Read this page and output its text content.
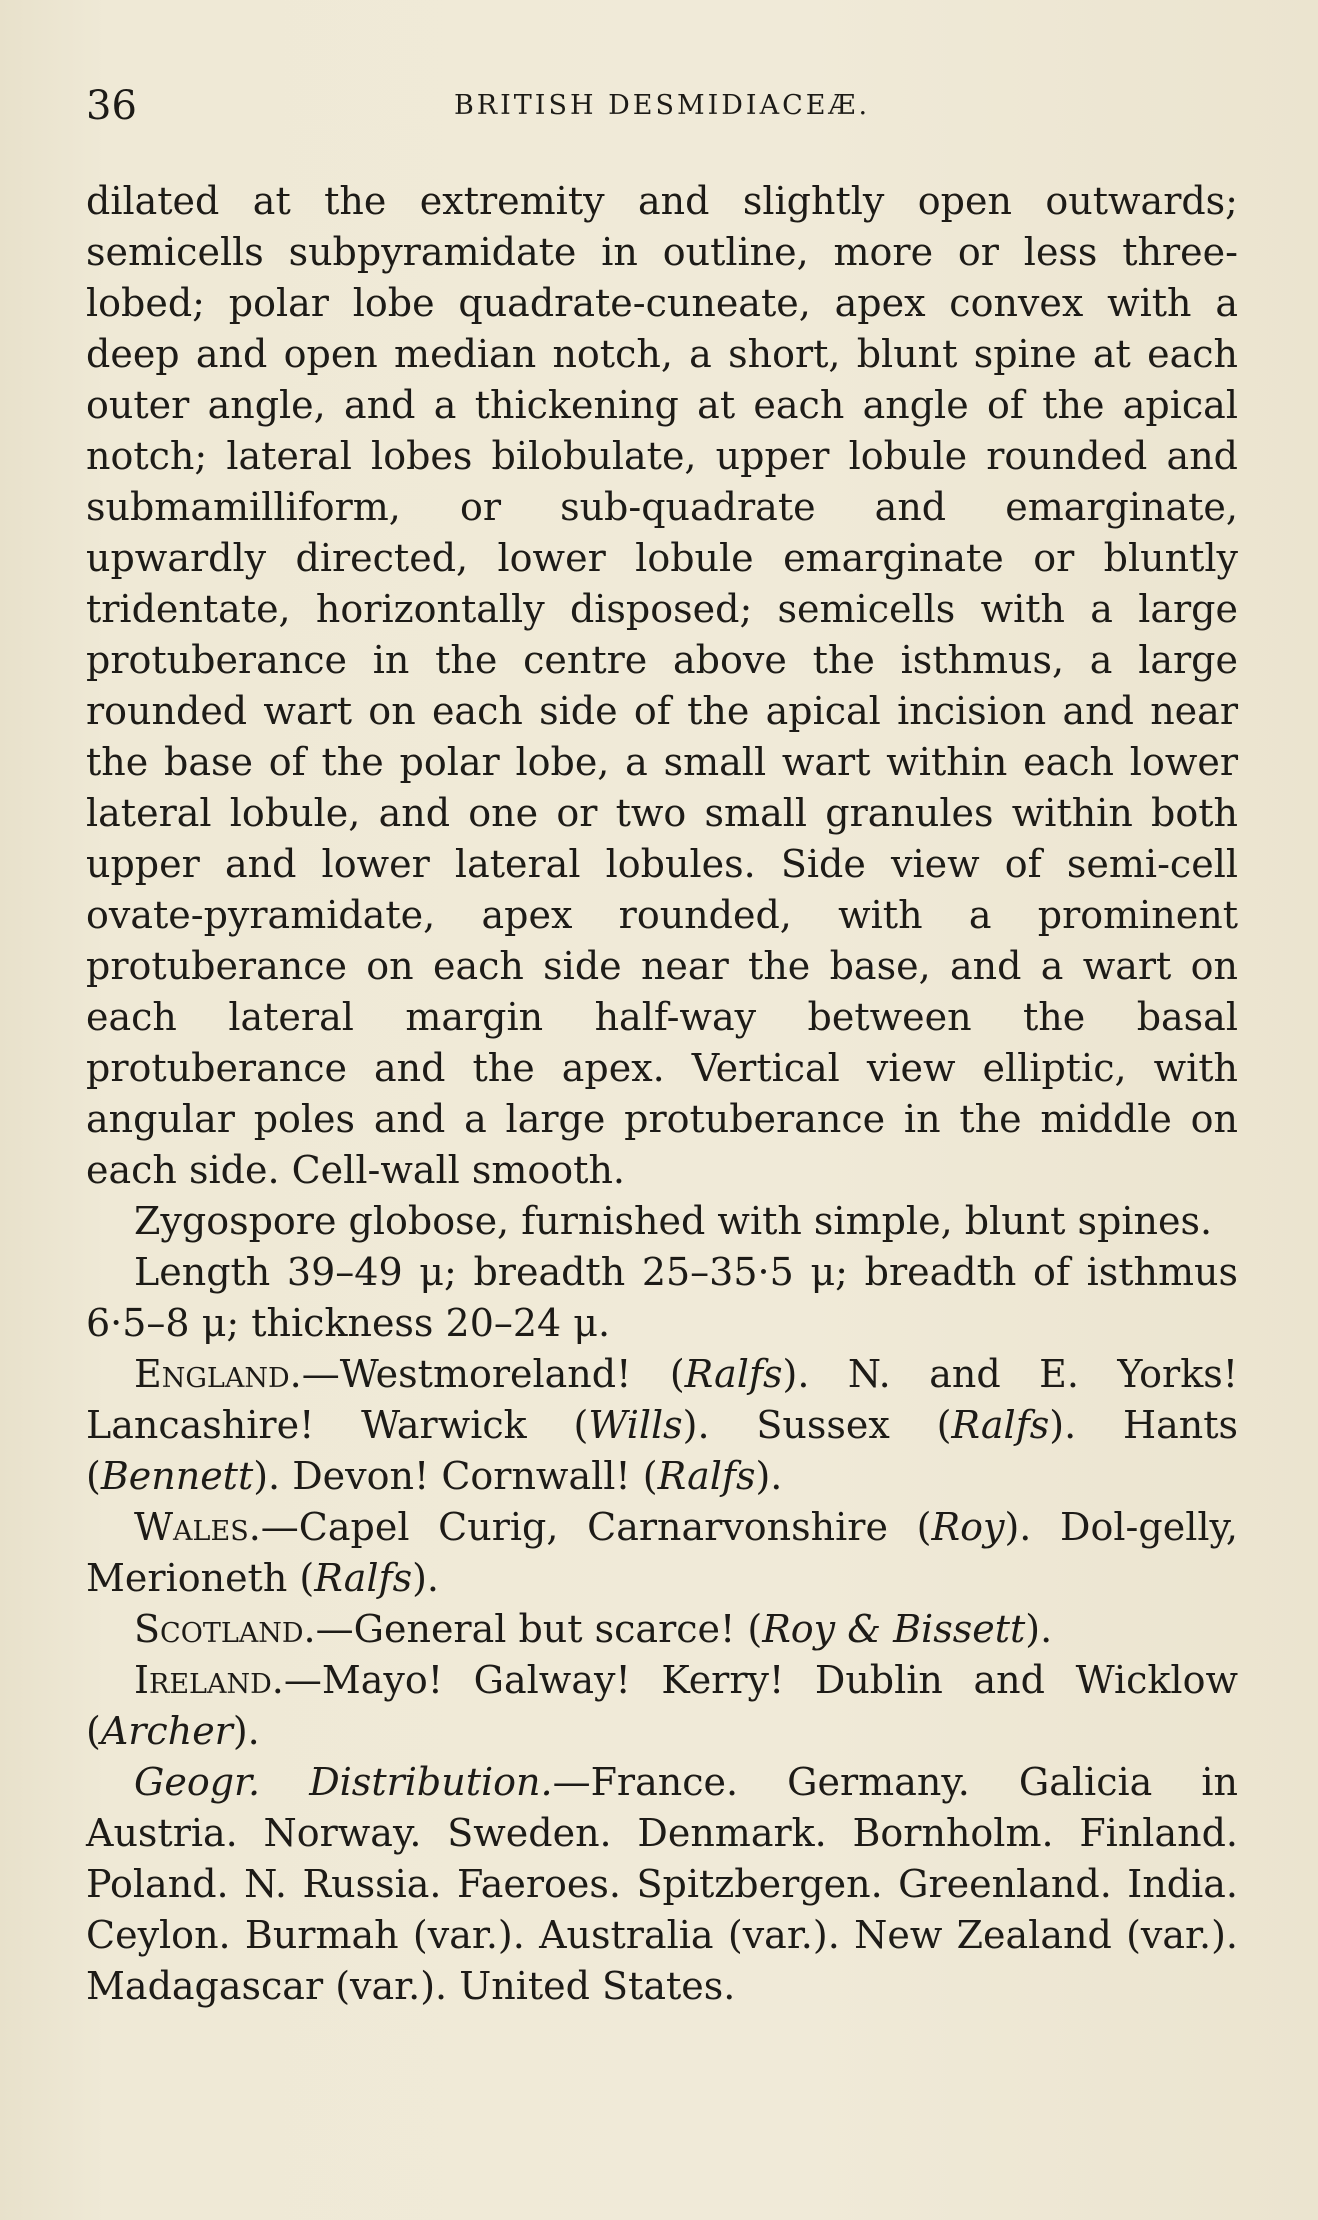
36	BRITISH DESMIDIACEÆ.

dilated at the extremity and slightly open outwards; semicells subpyramidate in outline, more or less three-lobed; polar lobe quadrate-cuneate, apex convex with a deep and open median notch, a short, blunt spine at each outer angle, and a thickening at each angle of the apical notch; lateral lobes bilobulate, upper lobule rounded and submamilliform, or sub-quadrate and emarginate, upwardly directed, lower lobule emarginate or bluntly tridentate, horizontally disposed; semicells with a large protuberance in the centre above the isthmus, a large rounded wart on each side of the apical incision and near the base of the polar lobe, a small wart within each lower lateral lobule, and one or two small granules within both upper and lower lateral lobules. Side view of semi-cell ovate-pyramidate, apex rounded, with a prominent protuberance on each side near the base, and a wart on each lateral margin half-way between the basal protuberance and the apex. Vertical view elliptic, with angular poles and a large protuberance in the middle on each side. Cell-wall smooth.

Zygospore globose, furnished with simple, blunt spines.

Length 39–49 μ; breadth 25–35·5 μ; breadth of isthmus 6·5–8 μ; thickness 20–24 μ.

England.—Westmoreland! (Ralfs). N. and E. Yorks! Lancashire! Warwick (Wills). Sussex (Ralfs). Hants (Bennett). Devon! Cornwall! (Ralfs).

Wales.—Capel Curig, Carnarvonshire (Roy). Dol-gelly, Merioneth (Ralfs).

Scotland.—General but scarce! (Roy & Bissett).

Ireland.—Mayo! Galway! Kerry! Dublin and Wicklow (Archer).

Geogr. Distribution.—France. Germany. Galicia in Austria. Norway. Sweden. Denmark. Bornholm. Finland. Poland. N. Russia. Faeroes. Spitzbergen. Greenland. India. Ceylon. Burmah (var.). Australia (var.). New Zealand (var.). Madagascar (var.). United States.
